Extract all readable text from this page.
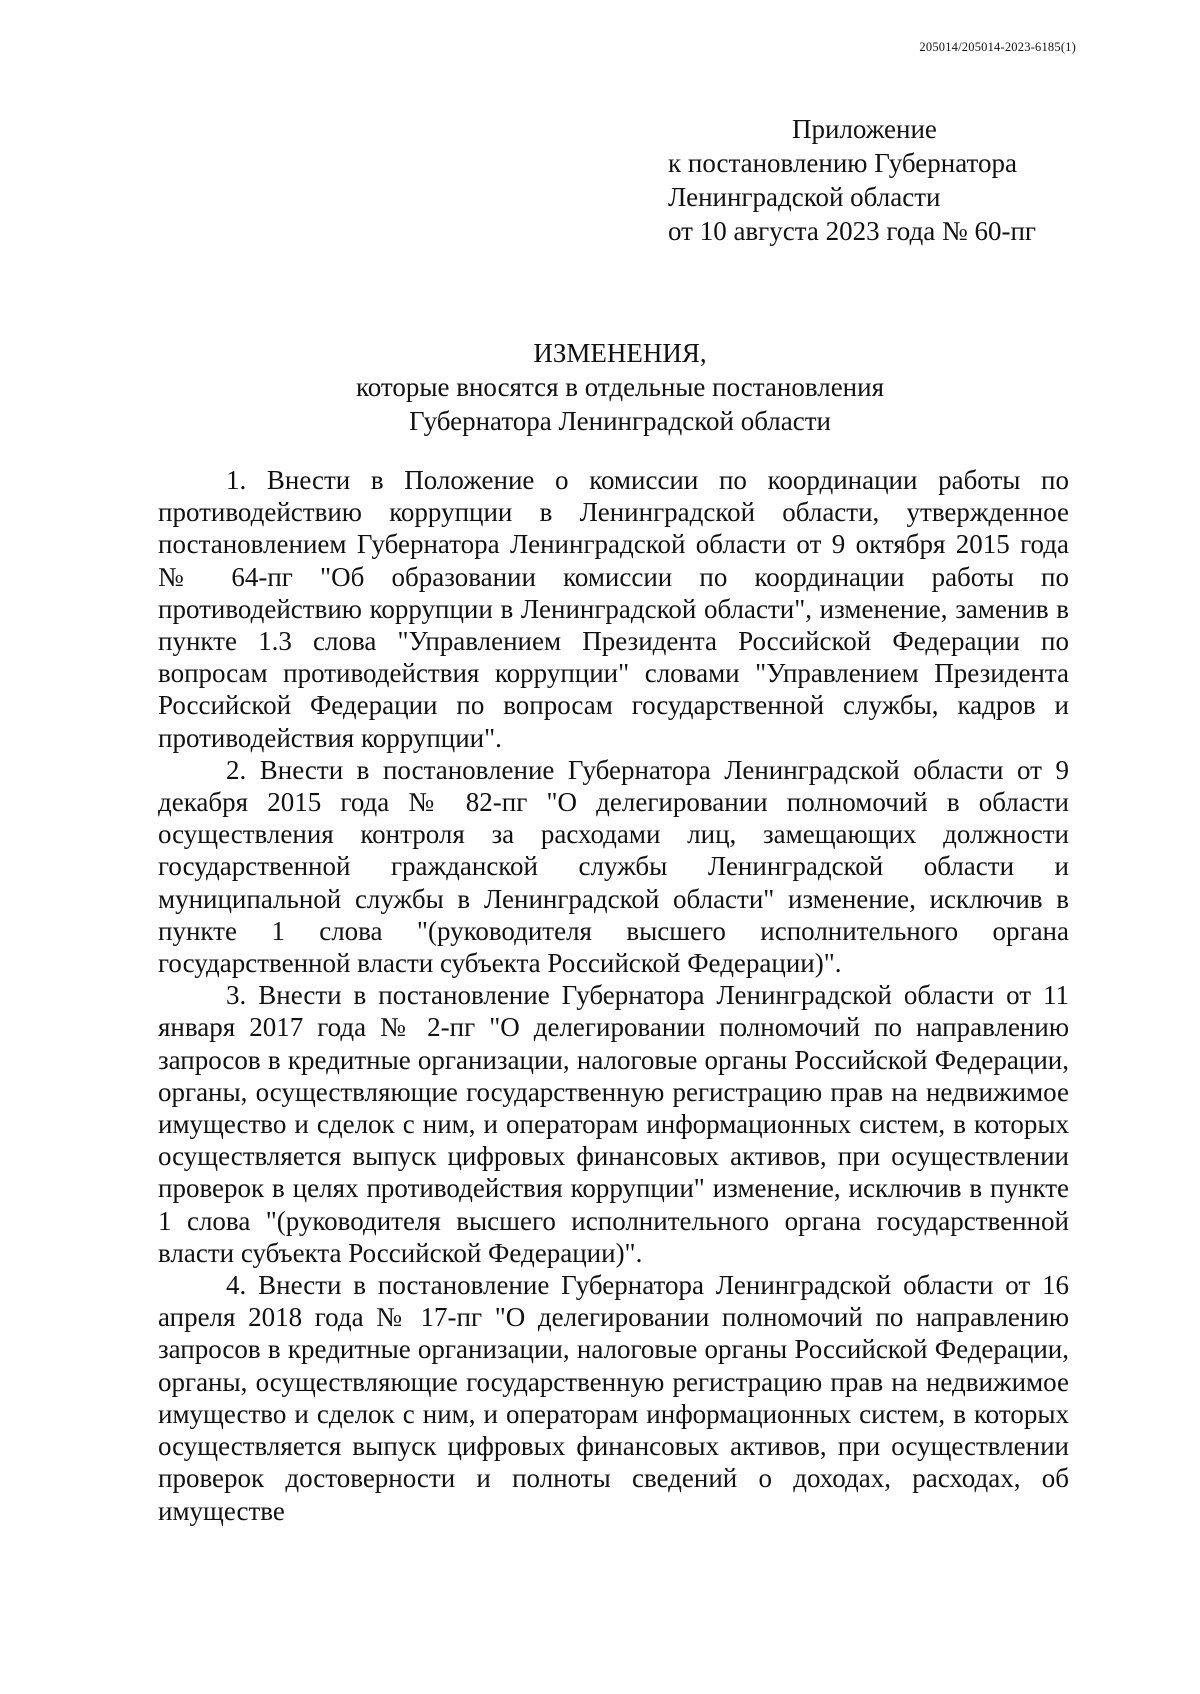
205014/205014-2023-6185(1)
Приложение
к постановлению Губернатора
Ленинградской области
от 10 августа 2023 года № 60-пг
ИЗМЕНЕНИЯ,
которые вносятся в отдельные постановления
Губернатора Ленинградской области

1. Внести в Положение о комиссии по координации работы по противодействию коррупции в Ленинградской области, утвержденное постановлением Губернатора Ленинградской области от 9 октября 2015 года № 64-пг "Об образовании комиссии по координации работы по противодействию коррупции в Ленинградской области", изменение, заменив в пункте 1.3 слова "Управлением Президента Российской Федерации по вопросам противодействия коррупции" словами "Управлением Президента Российской Федерации по вопросам государственной службы, кадров и противодействия коррупции".

2. Внести в постановление Губернатора Ленинградской области от 9 декабря 2015 года № 82-пг "О делегировании полномочий в области осуществления контроля за расходами лиц, замещающих должности государственной гражданской службы Ленинградской области и муниципальной службы в Ленинградской области" изменение, исключив в пункте 1 слова "(руководителя высшего исполнительного органа государственной власти субъекта Российской Федерации)".

3. Внести в постановление Губернатора Ленинградской области от 11 января 2017 года № 2-пг "О делегировании полномочий по направлению запросов в кредитные организации, налоговые органы Российской Федерации, органы, осуществляющие государственную регистрацию прав на недвижимое имущество и сделок с ним, и операторам информационных систем, в которых осуществляется выпуск цифровых финансовых активов, при осуществлении проверок в целях противодействия коррупции" изменение, исключив в пункте 1 слова "(руководителя высшего исполнительного органа государственной власти субъекта Российской Федерации)".

4. Внести в постановление Губернатора Ленинградской области от 16 апреля 2018 года № 17-пг "О делегировании полномочий по направлению запросов в кредитные организации, налоговые органы Российской Федерации, органы, осуществляющие государственную регистрацию прав на недвижимое имущество и сделок с ним, и операторам информационных систем, в которых осуществляется выпуск цифровых финансовых активов, при осуществлении проверок достоверности и полноты сведений о доходах, расходах, об имуществе
